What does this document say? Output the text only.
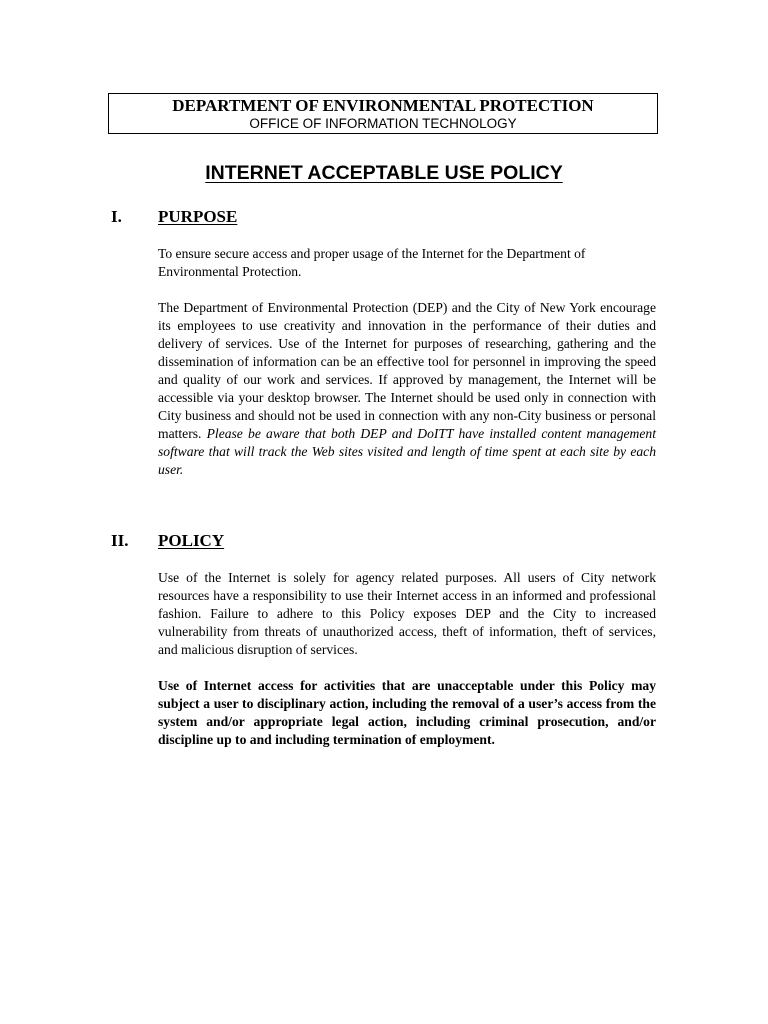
DEPARTMENT OF ENVIRONMENTAL PROTECTION
OFFICE OF INFORMATION TECHNOLOGY
INTERNET ACCEPTABLE USE POLICY
I. PURPOSE
To ensure secure access and proper usage of the Internet for the Department of Environmental Protection.
The Department of Environmental Protection (DEP) and the City of New York encourage its employees to use creativity and innovation in the performance of their duties and delivery of services. Use of the Internet for purposes of researching, gathering and the dissemination of information can be an effective tool for personnel in improving the speed and quality of our work and services. If approved by management, the Internet will be accessible via your desktop browser. The Internet should be used only in connection with City business and should not be used in connection with any non-City business or personal matters. Please be aware that both DEP and DoITT have installed content management software that will track the Web sites visited and length of time spent at each site by each user.
II. POLICY
Use of the Internet is solely for agency related purposes. All users of City network resources have a responsibility to use their Internet access in an informed and professional fashion. Failure to adhere to this Policy exposes DEP and the City to increased vulnerability from threats of unauthorized access, theft of information, theft of services, and malicious disruption of services.
Use of Internet access for activities that are unacceptable under this Policy may subject a user to disciplinary action, including the removal of a user’s access from the system and/or appropriate legal action, including criminal prosecution, and/or discipline up to and including termination of employment.
